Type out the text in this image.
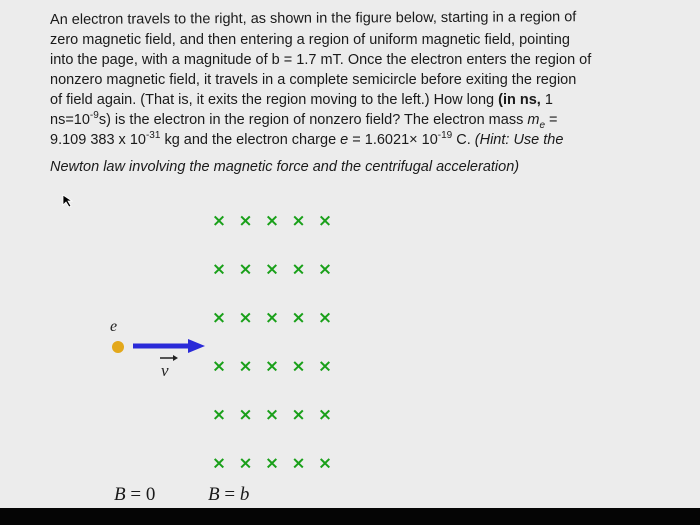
An electron travels to the right, as shown in the figure below, starting in a region of
zero magnetic field, and then entering a region of uniform magnetic field, pointing
into the page, with a magnitude of b = 1.7 mT. Once the electron enters the region of
nonzero magnetic field, it travels in a complete semicircle before exiting the region
of field again. (That is, it exits the region moving to the left.) How long (in ns, 1
$ns=10^{-9}s$) is the electron in the region of nonzero field? The electron mass $m_e$ =
9.109 383 x $10^{-31}$ kg and the electron charge $e = 1.6021\times 10^{-19}$ C. (Hint: Use the
Newton law involving the magnetic force and the centrifugal acceleration)
× × × × ×
× × × × ×
× × × × ×
× × × × ×
× × × × ×
× × × × ×
v
e
B = 0	B = b
